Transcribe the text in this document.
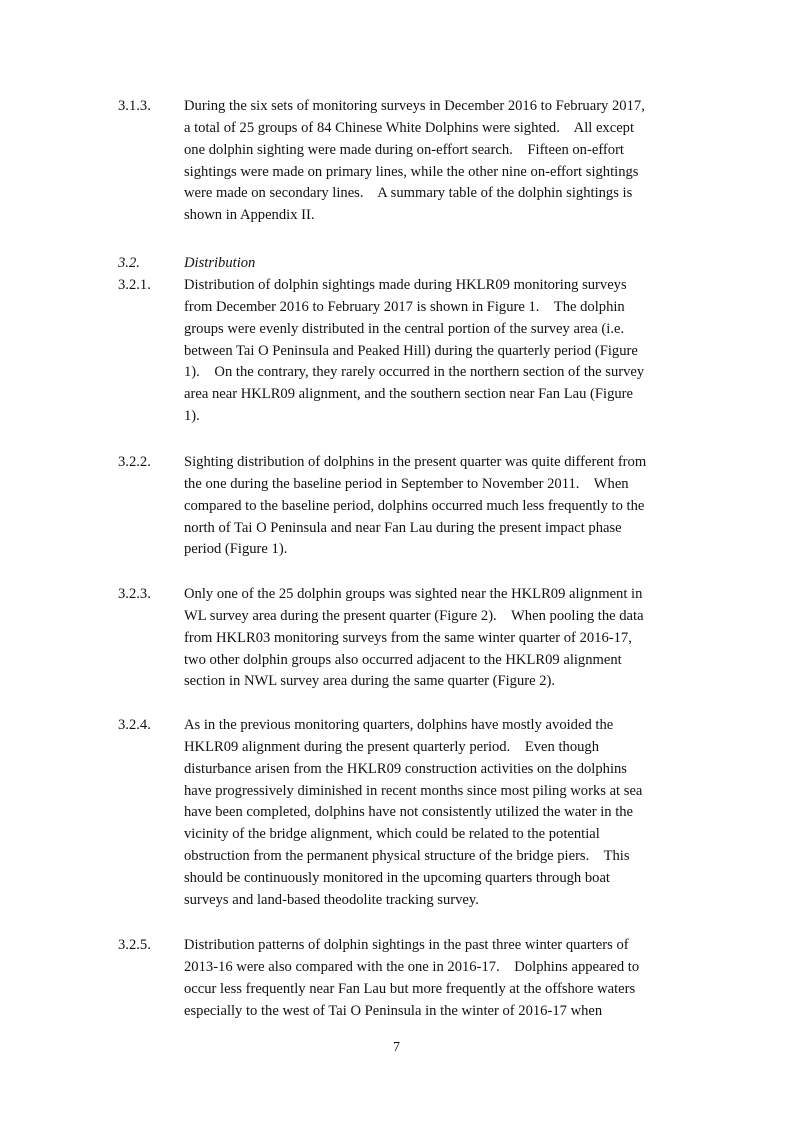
3.1.3.	During the six sets of monitoring surveys in December 2016 to February 2017,
a total of 25 groups of 84 Chinese White Dolphins were sighted.    All except
one dolphin sighting were made during on-effort search.    Fifteen on-effort
sightings were made on primary lines, while the other nine on-effort sightings
were made on secondary lines.    A summary table of the dolphin sightings is
shown in Appendix II.
3.2.	Distribution
3.2.1.	Distribution of dolphin sightings made during HKLR09 monitoring surveys
from December 2016 to February 2017 is shown in Figure 1.    The dolphin
groups were evenly distributed in the central portion of the survey area (i.e.
between Tai O Peninsula and Peaked Hill) during the quarterly period (Figure
1).    On the contrary, they rarely occurred in the northern section of the survey
area near HKLR09 alignment, and the southern section near Fan Lau (Figure
1).
3.2.2.	Sighting distribution of dolphins in the present quarter was quite different from
the one during the baseline period in September to November 2011.    When
compared to the baseline period, dolphins occurred much less frequently to the
north of Tai O Peninsula and near Fan Lau during the present impact phase
period (Figure 1).
3.2.3.	Only one of the 25 dolphin groups was sighted near the HKLR09 alignment in
WL survey area during the present quarter (Figure 2).    When pooling the data
from HKLR03 monitoring surveys from the same winter quarter of 2016-17,
two other dolphin groups also occurred adjacent to the HKLR09 alignment
section in NWL survey area during the same quarter (Figure 2).
3.2.4.	As in the previous monitoring quarters, dolphins have mostly avoided the
HKLR09 alignment during the present quarterly period.    Even though
disturbance arisen from the HKLR09 construction activities on the dolphins
have progressively diminished in recent months since most piling works at sea
have been completed, dolphins have not consistently utilized the water in the
vicinity of the bridge alignment, which could be related to the potential
obstruction from the permanent physical structure of the bridge piers.    This
should be continuously monitored in the upcoming quarters through boat
surveys and land-based theodolite tracking survey.
3.2.5.	Distribution patterns of dolphin sightings in the past three winter quarters of
2013-16 were also compared with the one in 2016-17.    Dolphins appeared to
occur less frequently near Fan Lau but more frequently at the offshore waters
especially to the west of Tai O Peninsula in the winter of 2016-17 when
7
